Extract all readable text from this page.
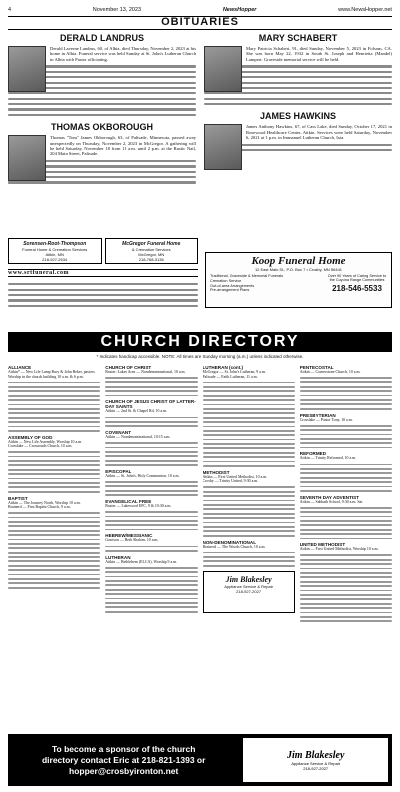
4	November 13, 2023	NewsHopper	www.NewsHopper.net
OBITUARIES
DERALD LANDRUS
Derald Laverne Landrus, 60, of Albia, died Thursday, November 2, 2023 at his home in Albia. Funeral service was held Sunday at St. John's Lutheran Church in Albia with Pastor officiating.
THOMAS OKBOROUGH
Thomas "Tom" James Okborough, 63, of Palisade, Minnesota, passed away unexpectedly on Thursday, November 2, 2023 in McGregor. A gathering will be held Saturday, November 18 from 11 a.m. until 2 p.m. at the Rustic Nail, 204 Main Street, Palisade.
MARY SCHABERT
Mary Patricia Schabert, 91, died Sunday, November 5, 2023 in Folsom, CA. She was born May 22, 1932 in South St. Joseph and Henrietta (Mandel) Lampert. Graveside memorial service will be held.
JAMES HAWKINS
James Anthony Hawkins, 67, of Cass Lake, died Sunday, October 17, 2021 in Rosewood Healthcare Center, Aitkin. Services were held Saturday, November 6, 2021 at 1 p.m. in Immanuel Lutheran Church, Ixia.
Sorensen-Root-Thompson
Funeral Home & Cremation Services
Aitkin, MN
218-927-2634
McGregor Funeral Home
& Cremation Services
McGregor, MN
218-768-3136
www.srtfuneral.com
Koop Funeral Home
12 East Main St., P.O. Box 7 • Crosby, MN 56441
Traditional, Graveside & Memorial Funerals
Cremation Service
Out-of-area Arrangements
Pre-arrangement Plans
Over 90 Years of Caring Service to the Cuyuna Range Communities
218-546-5533
CHURCH DIRECTORY
* Indicates handicap accessible. NOTE: All times are Sunday morning (a.m.) unless indicated otherwise.
ALLIANCE
Aitkin* — New Life Lamp Bury & John Beker, pastors
Worship in the church building 10 a.m. & 6 p.m.
ASSEMBLY OF GOD
Aitkin — New Life Assembly, Worship 10 a.m.
Crosslake — Crossroads Church, 10 a.m.
BAPTIST
Aitkin — The Journey North, Worship 10 a.m.
Brainerd — First Baptist Church, 9 a.m.
CHURCH OF CHRIST
Baxter: Lakes Area — Nondenominational, 10 a.m.
CHURCH OF JESUS CHRIST OF LATTER-DAY SAINTS
Aitkin — 2nd St. & Chapel Rd, 10 a.m.
COVENANT
Aitkin — Nondenominational, 10:15 a.m.
EPISCOPAL
Aitkin — St. John's, Holy Communion, 10 a.m.
EVANGELICAL FREE
Baxter — Lakewood EFC, 9 & 10:30 a.m.
HEBREW/MESSIANIC
Garrison — Beth Shalom, 10 a.m.
LUTHERAN
Aitkin — Bethlehem (ELCA), Worship 9 a.m.
LUTHERAN (cont.)
McGregor — St. John's Lutheran, 9 a.m.
Palisade — Faith Lutheran, 11 a.m.
METHODIST
Aitkin — First United Methodist, 10 a.m.
Crosby — Trinity United, 9:30 a.m.
NON-DENOMINATIONAL
Brainerd — The Woods Church, 10 a.m.
Jim Blakesley
Appliance Service & Repair
218-927-2027
PENTECOSTAL
Aitkin — Cornerstone Church, 10 a.m.
PRESBYTERIAN
Crosslake — Pastor Tony, 10 a.m.
REFORMED
Aitkin — Trinity Reformed, 10 a.m.
SEVENTH DAY ADVENTIST
Aitkin — Sabbath School, 9:30 a.m. Sat.
UNITED METHODIST
Aitkin — First United Methodist, Worship 10 a.m.
To become a sponsor of the church
directory contact Eric at 218-821-1393 or
hopper@crosbyironton.net
Jim Blakesley
Appliance Service & Repair
218-927-2027
